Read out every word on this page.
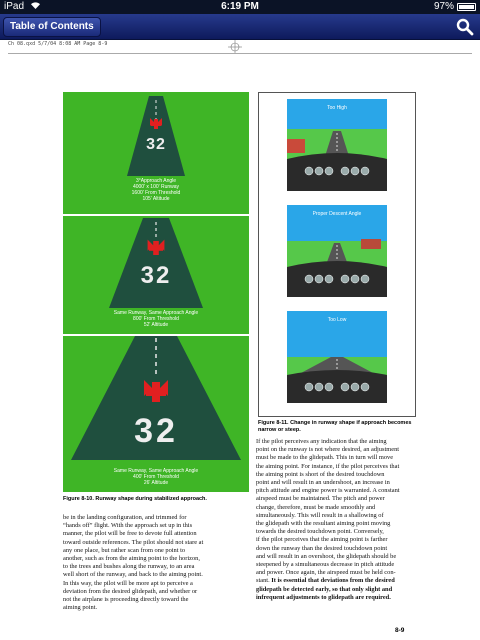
iPad	6:19 PM	97%
Table of Contents
Ch 08.qxd 5/7/04 8:08 AM Page 8-9
32
3°Approach Angle
4000' x 100' Runway
1600' From Threshold
105' Altitude
32
Same Runway, Same Approach Angle
800' From Threshold
52' Altitude
32
Same Runway, Same Approach Angle
400' From Threshold
26' Altitude
Figure 8-10. Runway shape during stabilized approach.
Too High
Proper Descent Angle
Too Low
Figure 8-11. Change in runway shape if approach becomes
narrow or steep.
be in the landing configuration, and trimmed for
“hands off” flight. With the approach set up in this
manner, the pilot will be free to devote full attention
toward outside references. The pilot should not stare at
any one place, but rather scan from one point to
another, such as from the aiming point to the horizon,
to the trees and bushes along the runway, to an area
well short of the runway, and back to the aiming point.
In this way, the pilot will be more apt to perceive a
deviation from the desired glidepath, and whether or
not the airplane is proceeding directly toward the
aiming point.
If the pilot perceives any indication that the aiming
point on the runway is not where desired, an adjustment
must be made to the glidepath. This in turn will move
the aiming point. For instance, if the pilot perceives that
the aiming point is short of the desired touchdown
point and will result in an undershoot, an increase in
pitch attitude and engine power is warranted. A constant
airspeed must be maintained. The pitch and power
change, therefore, must be made smoothly and
simultaneously. This will result in a shallowing of
the glidepath with the resultant aiming point moving
towards the desired touchdown point. Conversely,
if the pilot perceives that the aiming point is farther
down the runway than the desired touchdown point
and will result in an overshoot, the glidepath should be
steepened by a simultaneous decrease in pitch attitude
and power. Once again, the airspeed must be held con-
stant. It is essential that deviations from the desired
glidepath be detected early, so that only slight and
infrequent adjustments to glidepath are required.
8-9
